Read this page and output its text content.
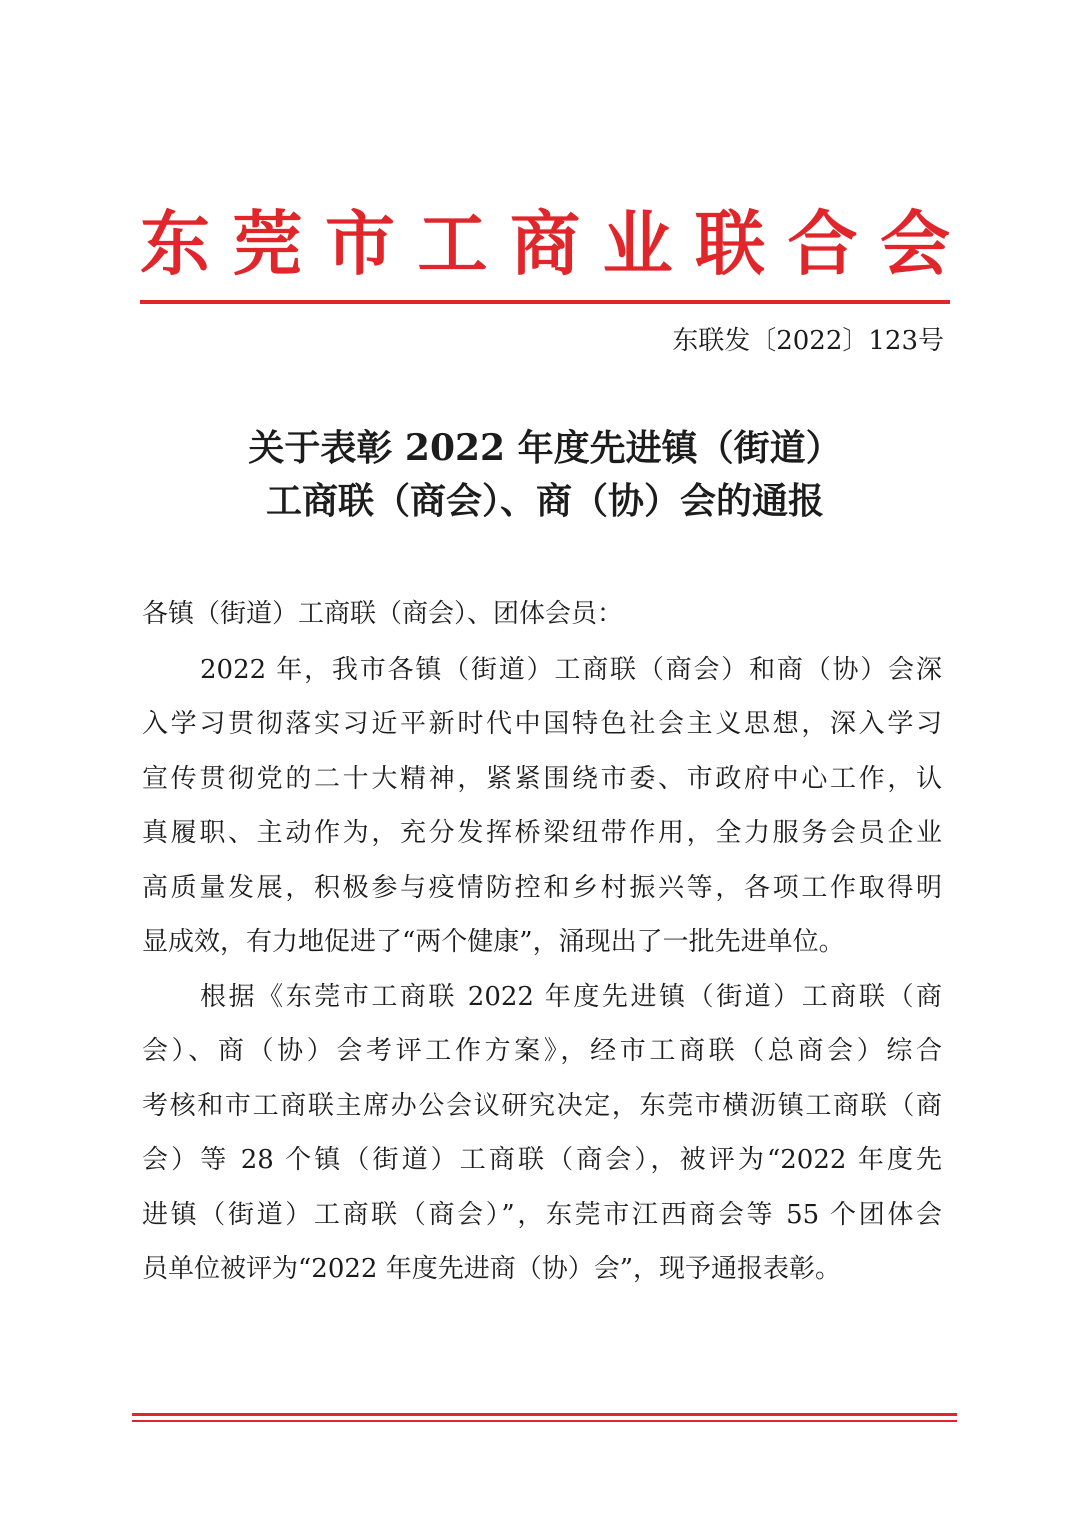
东 莞 市 工 商 业 联 合 会
东联发〔2022〕123号
关于表彰 2022 年度先进镇（街道）
工商联（商会）、商（协）会的通报
各镇（街道）工商联（商会）、团体会员：
2022 年，我市各镇（街道）工商联（商会）和商（协）会深
入学习贯彻落实习近平新时代中国特色社会主义思想，深入学习
宣传贯彻党的二十大精神，紧紧围绕市委、市政府中心工作，认
真履职、主动作为，充分发挥桥梁纽带作用，全力服务会员企业
高质量发展，积极参与疫情防控和乡村振兴等，各项工作取得明
显成效，有力地促进了“两个健康”，涌现出了一批先进单位。
根据《东莞市工商联 2022 年度先进镇（街道）工商联（商
会）、商（协）会考评工作方案》，经市工商联（总商会）综合
考核和市工商联主席办公会议研究决定，东莞市横沥镇工商联（商
会）等 28 个镇（街道）工商联（商会），被评为“2022 年度先
进镇（街道）工商联（商会）”，东莞市江西商会等 55 个团体会
员单位被评为“2022 年度先进商（协）会”，现予通报表彰。
